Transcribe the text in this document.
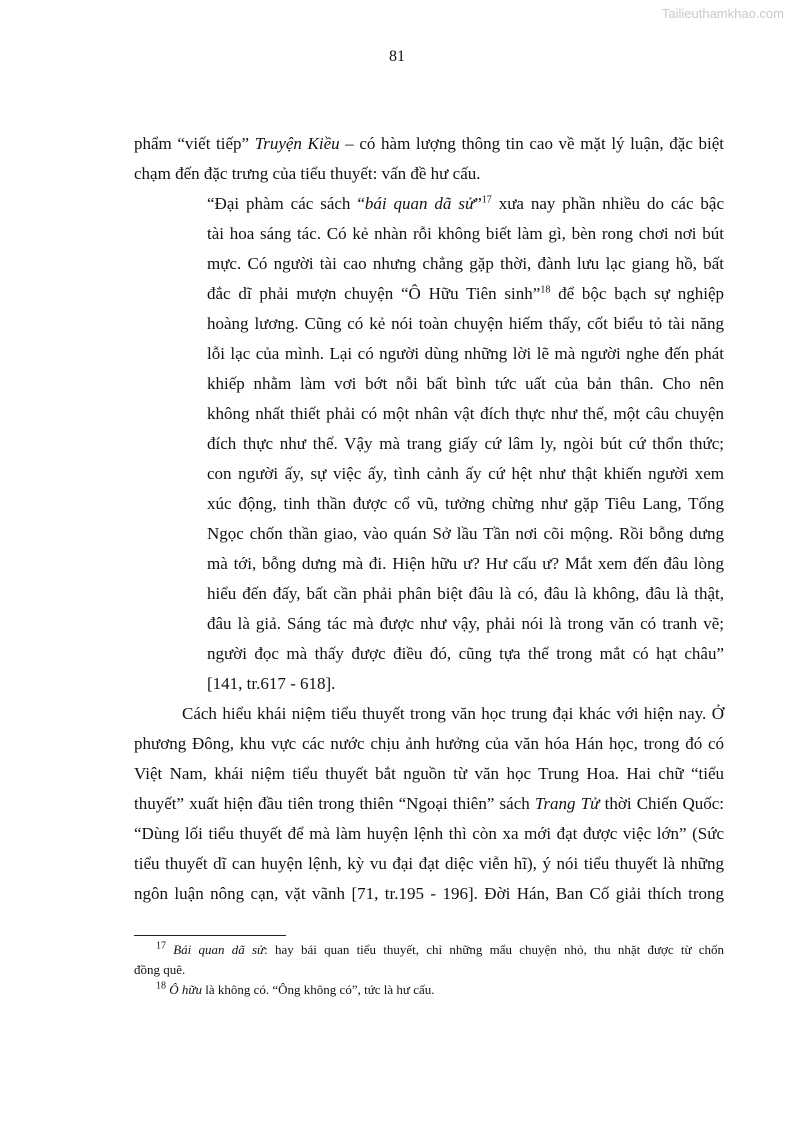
Tailieuthamkhao.com
81
phẩm “viết tiếp” Truyện Kiều – có hàm lượng thông tin cao về mặt lý luận, đặc biệt
chạm đến đặc trưng của tiểu thuyết: vấn đề hư cấu.
“Đại phàm các sách “bái quan dã sử”$^{17}$ xưa nay phần nhiều do các bậc
tài hoa sáng tác. Có kẻ nhàn rỗi không biết làm gì, bèn rong chơi nơi bút
mực. Có người tài cao nhưng chẳng gặp thời, đành lưu lạc giang hồ, bất
đắc dĩ phải mượn chuyện “Ô Hữu Tiên sinh”$^{18}$ để bộc bạch sự nghiệp
hoàng lương. Cũng có kẻ nói toàn chuyện hiếm thấy, cốt biểu tỏ tài năng
lỗi lạc của mình. Lại có người dùng những lời lẽ mà người nghe đến phát
khiếp nhằm làm vơi bớt nỗi bất bình tức uất của bản thân. Cho nên
không nhất thiết phải có một nhân vật đích thực như thế, một câu chuyện
đích thực như thế. Vậy mà trang giấy cứ lâm ly, ngòi bút cứ thổn thức;
con người ấy, sự việc ấy, tình cảnh ấy cứ hệt như thật khiến người xem
xúc động, tinh thần được cổ vũ, tưởng chừng như gặp Tiêu Lang, Tống
Ngọc chốn thần giao, vào quán Sở lầu Tần nơi cõi mộng. Rồi bỗng dưng
mà tới, bỗng dưng mà đi. Hiện hữu ư? Hư cấu ư? Mắt xem đến đâu lòng
hiểu đến đấy, bất cần phải phân biệt đâu là có, đâu là không, đâu là thật,
đâu là giả. Sáng tác mà được như vậy, phải nói là trong văn có tranh vẽ;
người đọc mà thấy được điều đó, cũng tựa thể trong mắt có hạt châu”
[141, tr.617 - 618].
Cách hiểu khái niệm tiểu thuyết trong văn học trung đại khác với hiện nay. Ở
phương Đông, khu vực các nước chịu ảnh hưởng của văn hóa Hán học, trong đó có
Việt Nam, khái niệm tiểu thuyết bắt nguồn từ văn học Trung Hoa. Hai chữ “tiểu
thuyết” xuất hiện đầu tiên trong thiên “Ngoại thiên” sách Trang Tử thời Chiến Quốc:
“Dùng lối tiểu thuyết để mà làm huyện lệnh thì còn xa mới đạt được việc lớn” (Sức
tiểu thuyết dĩ can huyện lệnh, kỳ vu đại đạt diệc viễn hĩ), ý nói tiểu thuyết là những
ngôn luận nông cạn, vặt vãnh [71, tr.195 - 196]. Đời Hán, Ban Cố giải thích trong
$^{17}$ Bái quan dã sử: hay bái quan tiểu thuyết, chỉ những mẩu chuyện nhỏ, thu nhặt được từ chốn
đồng quê.
$^{18}$ Ô hữu là không có. “Ông không có”, tức là hư cấu.
